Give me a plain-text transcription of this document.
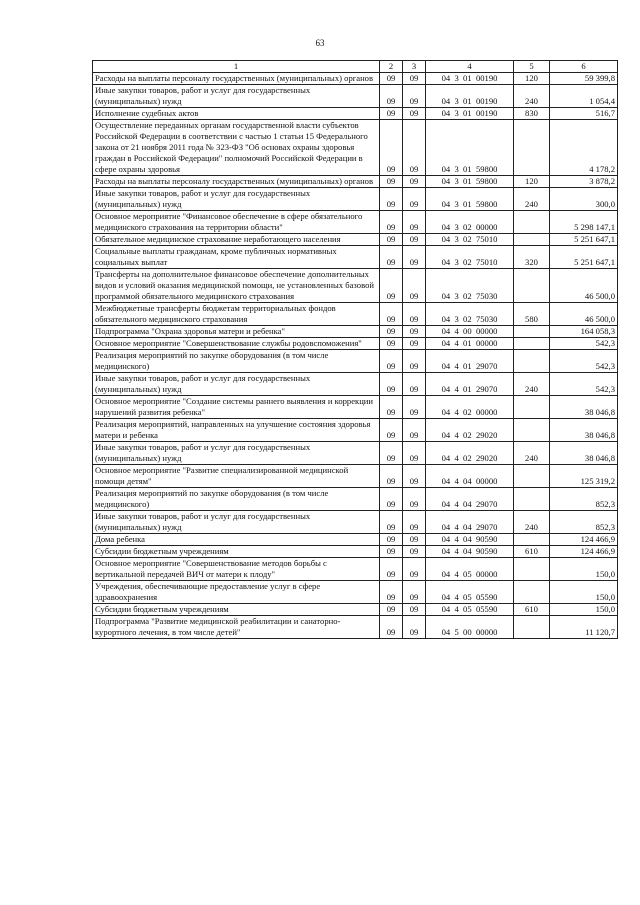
63
1	2	3	4	5	6
Расходы на выплаты персоналу государственных (муниципальных) органов	09	09	04  3  01  00190	120	59 399,8
Иные закупки товаров, работ и услуг для государственных (муниципальных) нужд	09	09	04  3  01  00190	240	1 054,4
Исполнение судебных актов	09	09	04  3  01  00190	830	516,7
Осуществление переданных органам государственной власти субъектов Российской Федерации в соответствии с частью 1 статьи 15 Федерального закона от 21 ноября 2011 года № 323-ФЗ "Об основах охраны здоровья граждан в Российской Федерации" полномочий Российской Федерации в сфере охраны здоровья	09	09	04  3  01  59800		4 178,2
Расходы на выплаты персоналу государственных (муниципальных) органов	09	09	04  3  01  59800	120	3 878,2
Иные закупки товаров, работ и услуг для государственных (муниципальных) нужд	09	09	04  3  01  59800	240	300,0
Основное мероприятие "Финансовое обеспечение в сфере обязательного медицинского страхования на территории области"	09	09	04  3  02  00000		5 298 147,1
Обязательное медицинское страхование неработающего населения	09	09	04  3  02  75010		5 251 647,1
Социальные выплаты гражданам, кроме публичных нормативных социальных выплат	09	09	04  3  02  75010	320	5 251 647,1
Трансферты на дополнительное финансовое обеспечение дополнительных видов и условий оказания медицинской помощи, не установленных базовой программой обязательного медицинского страхования	09	09	04  3  02  75030		46 500,0
Межбюджетные трансферты бюджетам территориальных фондов обязательного медицинского страхования	09	09	04  3  02  75030	580	46 500,0
Подпрограмма "Охрана здоровья матери и ребенка"	09	09	04  4  00  00000		164 058,3
Основное мероприятие "Совершенствование службы родовспоможения"	09	09	04  4  01  00000		542,3
Реализация мероприятий по закупке оборудования (в том числе медицинского)	09	09	04  4  01  29070		542,3
Иные закупки товаров, работ и услуг для государственных (муниципальных) нужд	09	09	04  4  01  29070	240	542,3
Основное мероприятие "Создание системы раннего выявления и коррекции нарушений развития ребенка"	09	09	04  4  02  00000		38 046,8
Реализация мероприятий, направленных на улучшение состояния здоровья матери и ребенка	09	09	04  4  02  29020		38 046,8
Иные закупки товаров, работ и услуг для государственных (муниципальных) нужд	09	09	04  4  02  29020	240	38 046,8
Основное мероприятие "Развитие специализированной медицинской помощи детям"	09	09	04  4  04  00000		125 319,2
Реализация мероприятий по закупке оборудования (в том числе медицинского)	09	09	04  4  04  29070		852,3
Иные закупки товаров, работ и услуг для государственных (муниципальных) нужд	09	09	04  4  04  29070	240	852,3
Дома ребенка	09	09	04  4  04  90590		124 466,9
Субсидии бюджетным учреждениям	09	09	04  4  04  90590	610	124 466,9
Основное мероприятие "Совершенствование методов борьбы с вертикальной передачей ВИЧ от матери к плоду"	09	09	04  4  05  00000		150,0
Учреждения, обеспечивающие предоставление услуг в сфере здравоохранения	09	09	04  4  05  05590		150,0
Субсидии бюджетным учреждениям	09	09	04  4  05  05590	610	150,0
Подпрограмма "Развитие медицинской реабилитации и санаторно-курортного лечения, в том числе детей"	09	09	04  5  00  00000		11 120,7
